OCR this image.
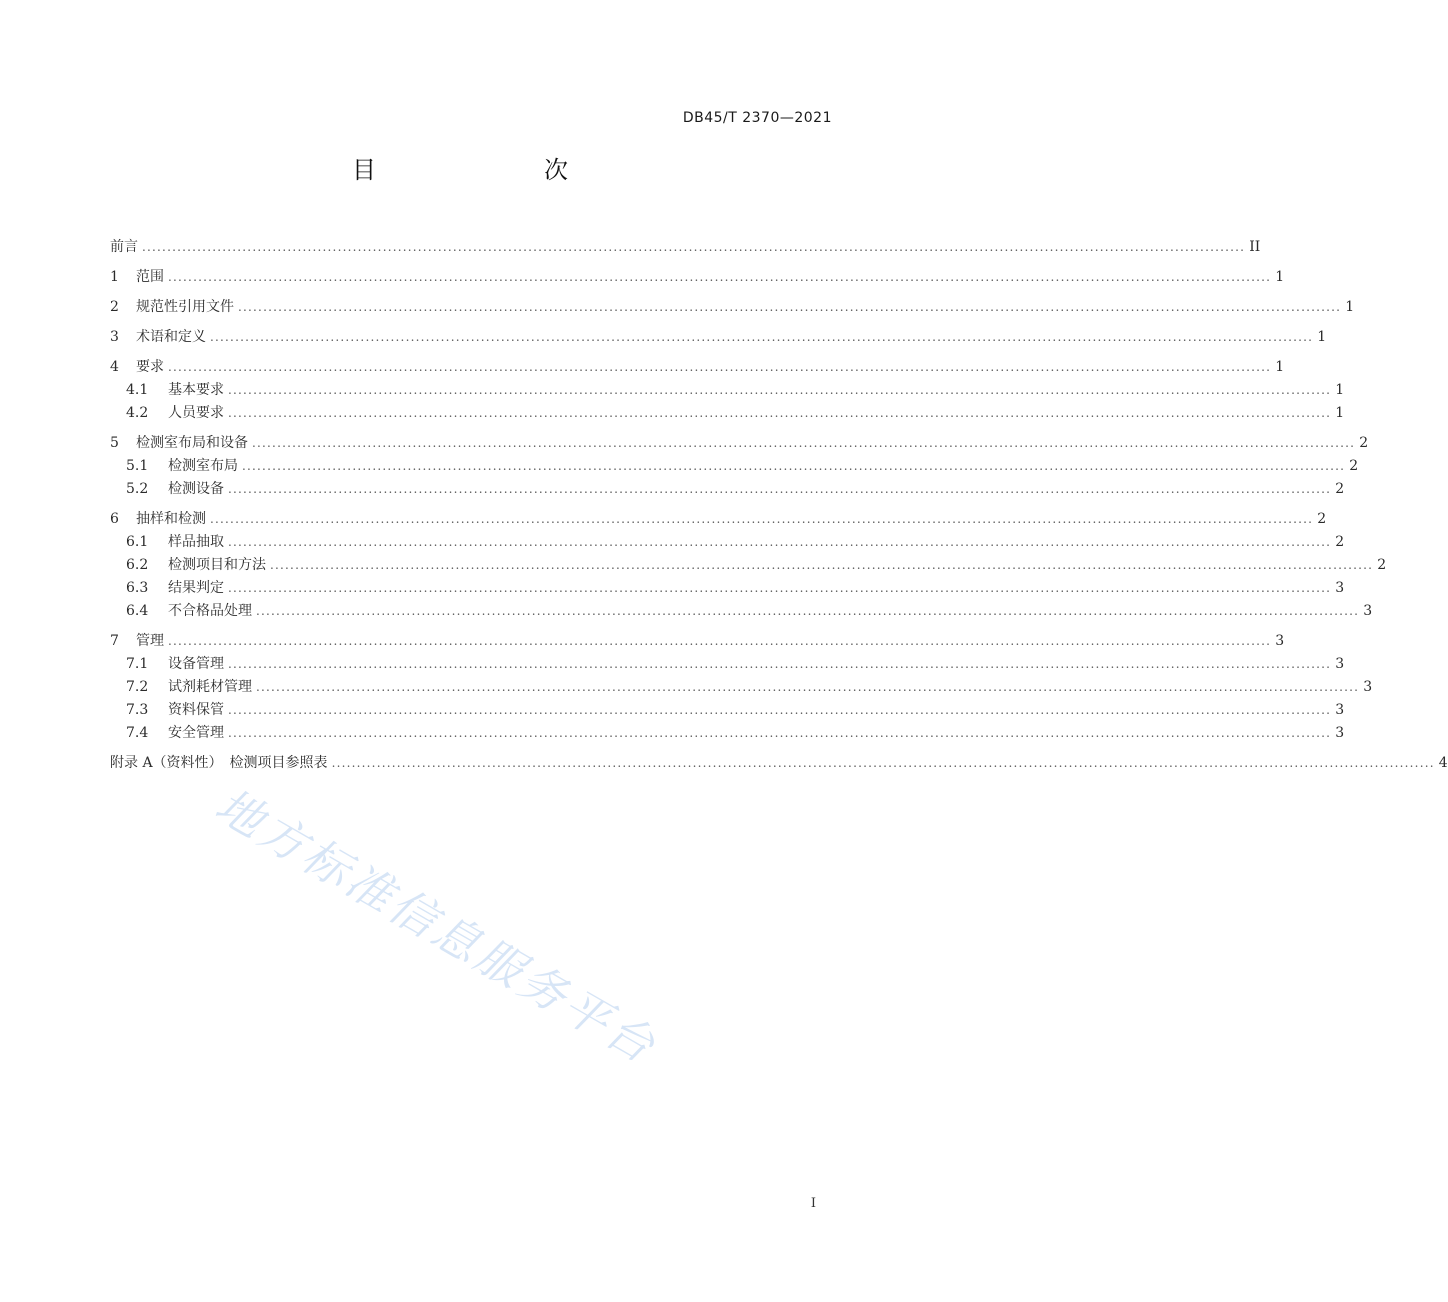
DB45/T 2370—2021
目　　次
前言 ............................................................................................................................................................................................................................ II
1	范围 ............................................................................................................................................................................................................................ 1
2	规范性引用文件 ............................................................................................................................................................................................................................ 1
3	术语和定义 ............................................................................................................................................................................................................................ 1
4	要求 ............................................................................................................................................................................................................................ 1
4.1	基本要求 ............................................................................................................................................................................................................................ 1
4.2	人员要求 ............................................................................................................................................................................................................................ 1
5	检测室布局和设备 ............................................................................................................................................................................................................................ 2
5.1	检测室布局 ............................................................................................................................................................................................................................ 2
5.2	检测设备 ............................................................................................................................................................................................................................ 2
6	抽样和检测 ............................................................................................................................................................................................................................ 2
6.1	样品抽取 ............................................................................................................................................................................................................................ 2
6.2	检测项目和方法 ............................................................................................................................................................................................................................ 2
6.3	结果判定 ............................................................................................................................................................................................................................ 3
6.4	不合格品处理 ............................................................................................................................................................................................................................ 3
7	管理 ............................................................................................................................................................................................................................ 3
7.1	设备管理 ............................................................................................................................................................................................................................ 3
7.2	试剂耗材管理 ............................................................................................................................................................................................................................ 3
7.3	资料保管 ............................................................................................................................................................................................................................ 3
7.4	安全管理 ............................................................................................................................................................................................................................ 3
附录 A（资料性）　检测项目参照表 ............................................................................................................................................................................................................................ 4
地方标准信息服务平台
I
